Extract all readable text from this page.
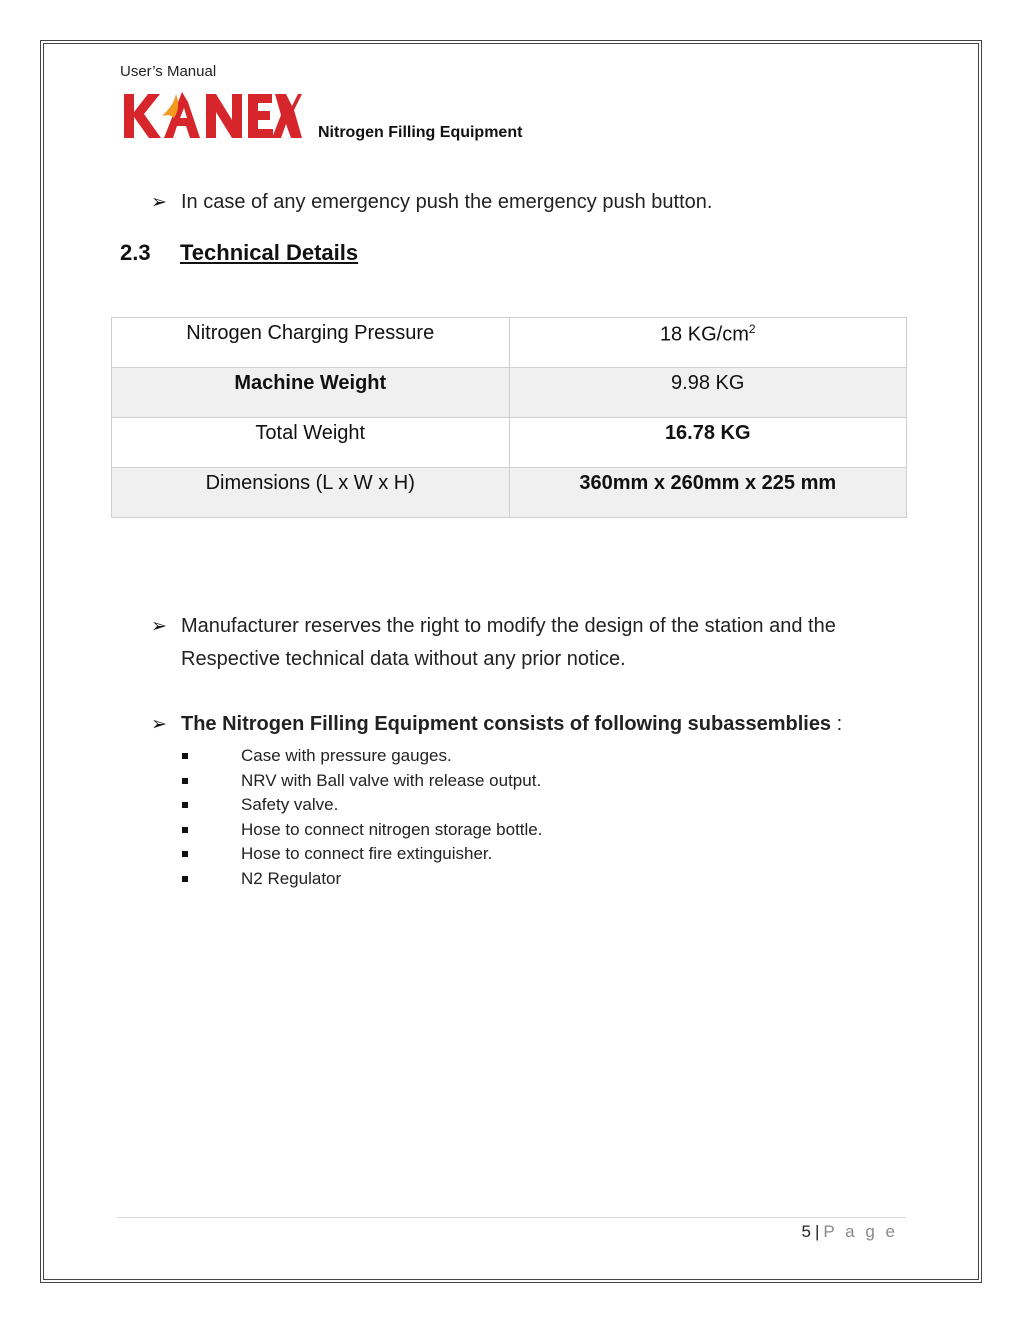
User’s Manual
Nitrogen Filling Equipment
➢ In case of any emergency push the emergency push button.
2.3 Technical Details
Nitrogen Charging Pressure	18 $KG/cm^2$
Machine Weight	9.98 KG
Total Weight	16.78 KG
Dimensions (L x W x H)	360mm x 260mm x 225 mm
➢ Manufacturer reserves the right to modify the design of the station and the
Respective technical data without any prior notice.
➢ The Nitrogen Filling Equipment consists of following subassemblies :
Case with pressure gauges.
NRV with Ball valve with release output.
Safety valve.
Hose to connect nitrogen storage bottle.
Hose to connect fire extinguisher.
N2 Regulator
5 | P a g e
